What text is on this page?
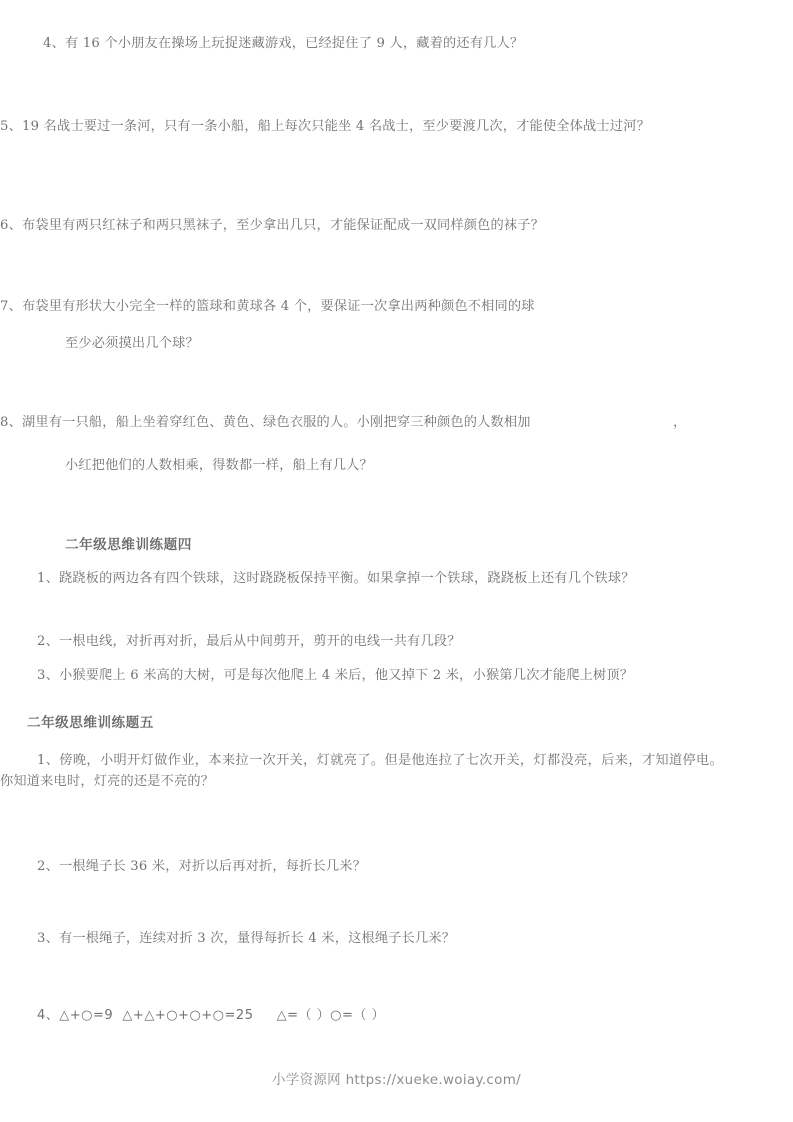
4、有 16 个小朋友在操场上玩捉迷藏游戏，已经捉住了 9 人，藏着的还有几人？
5、19 名战士要过一条河，只有一条小船，船上每次只能坐 4 名战士，至少要渡几次，才能使全体战士过河？
6、布袋里有两只红袜子和两只黑袜子，至少拿出几只，才能保证配成一双同样颜色的袜子？
7、布袋里有形状大小完全一样的篮球和黄球各 4 个，要保证一次拿出两种颜色不相同的球
至少必须摸出几个球？
8、湖里有一只船，船上坐着穿红色、黄色、绿色衣服的人。小刚把穿三种颜色的人数相加	，
小红把他们的人数相乘，得数都一样，船上有几人？
二年级思维训练题四
1、跷跷板的两边各有四个铁球，这时跷跷板保持平衡。如果拿掉一个铁球，跷跷板上还有几个铁球？
2、一根电线，对折再对折，最后从中间剪开，剪开的电线一共有几段？
3、小猴要爬上 6 米高的大树，可是每次他爬上 4 米后，他又掉下 2 米，小猴第几次才能爬上树顶？
二年级思维训练题五
1、傍晚，小明开灯做作业，本来拉一次开关，灯就亮了。但是他连拉了七次开关，灯都没亮，后来，才知道停电。你知道来电时，灯亮的还是不亮的？
2、一根绳子长 36 米，对折以后再对折，每折长几米？
3、有一根绳子，连续对折 3 次，量得每折长 4 米，这根绳子长几米？
4、△+○=9  △+△+○+○+○=25     △=（ ）○=（ ）
小学资源网 https://xueke.woiay.com/
